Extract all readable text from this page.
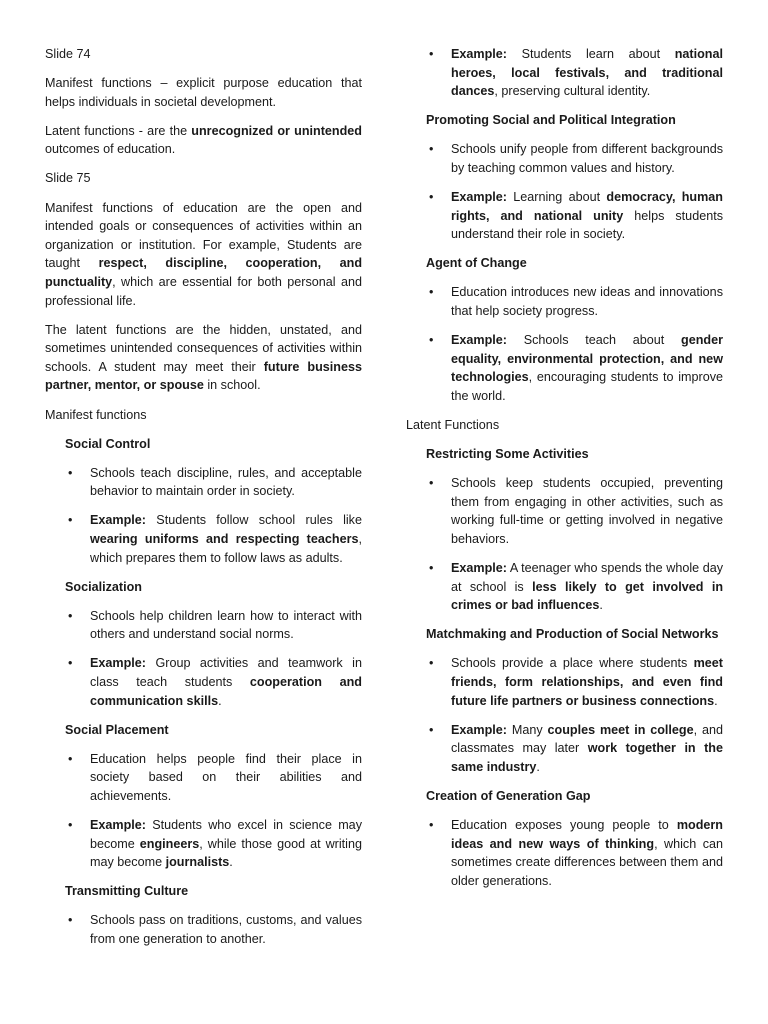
Slide 74

Manifest functions – explicit purpose education that helps individuals in societal development.

Latent functions - are the unrecognized or unintended outcomes of education.

Slide 75

Manifest functions of education are the open and intended goals or consequences of activities within an organization or institution. For example, Students are taught respect, discipline, cooperation, and punctuality, which are essential for both personal and professional life.

The latent functions are the hidden, unstated, and sometimes unintended consequences of activities within schools. A student may meet their future business partner, mentor, or spouse in school.

Manifest functions

Social Control
• Schools teach discipline, rules, and acceptable behavior to maintain order in society.
• Example: Students follow school rules like wearing uniforms and respecting teachers, which prepares them to follow laws as adults.
Socialization
• Schools help children learn how to interact with others and understand social norms.
• Example: Group activities and teamwork in class teach students cooperation and communication skills.
Social Placement
• Education helps people find their place in society based on their abilities and achievements.
• Example: Students who excel in science may become engineers, while those good at writing may become journalists.
Transmitting Culture
• Schools pass on traditions, customs, and values from one generation to another.
• Example: Students learn about national heroes, local festivals, and traditional dances, preserving cultural identity.
Promoting Social and Political Integration
• Schools unify people from different backgrounds by teaching common values and history.
• Example: Learning about democracy, human rights, and national unity helps students understand their role in society.
Agent of Change
• Education introduces new ideas and innovations that help society progress.
• Example: Schools teach about gender equality, environmental protection, and new technologies, encouraging students to improve the world.

Latent Functions

Restricting Some Activities
• Schools keep students occupied, preventing them from engaging in other activities, such as working full-time or getting involved in negative behaviors.
• Example: A teenager who spends the whole day at school is less likely to get involved in crimes or bad influences.
Matchmaking and Production of Social Networks
• Schools provide a place where students meet friends, form relationships, and even find future life partners or business connections.
• Example: Many couples meet in college, and classmates may later work together in the same industry.
Creation of Generation Gap
• Education exposes young people to modern ideas and new ways of thinking, which can sometimes create differences between them and older generations.
